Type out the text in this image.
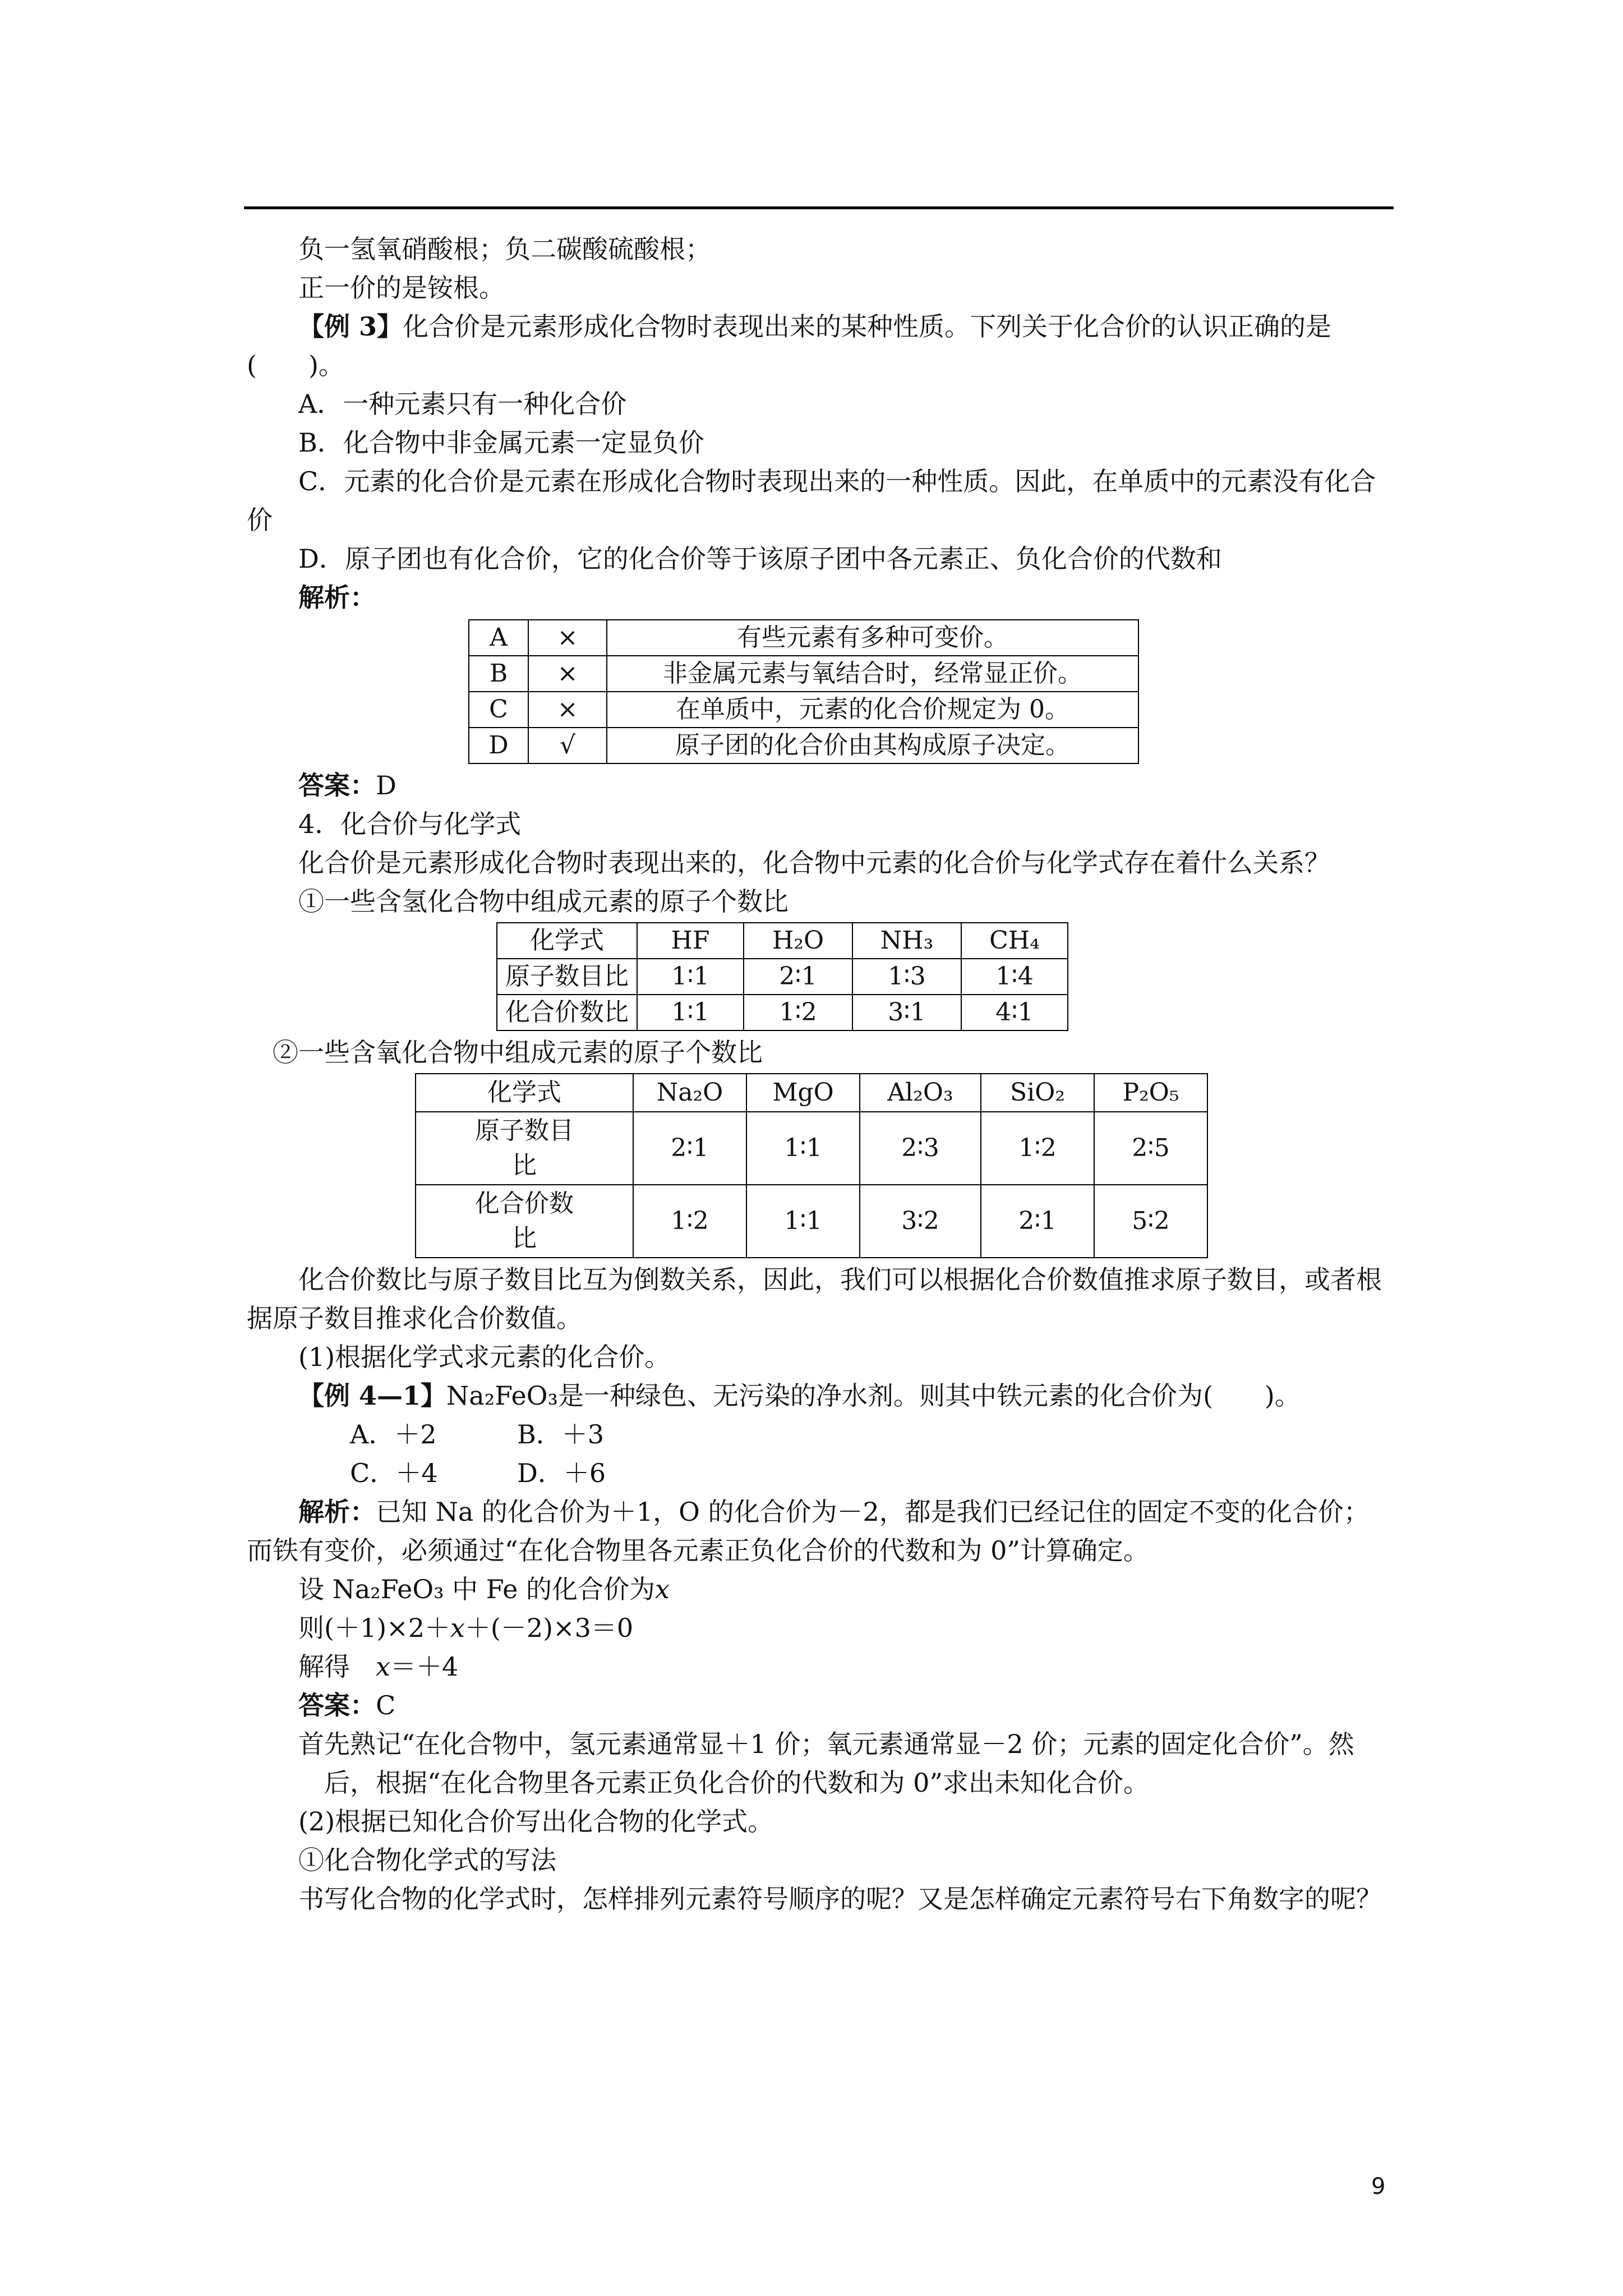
负一氢氧硝酸根；负二碳酸硫酸根；

正一价的是铵根。

【例 3】化合价是元素形成化合物时表现出来的某种性质。下列关于化合价的认识正确的是(　　)。

A．一种元素只有一种化合价

B．化合物中非金属元素一定显负价

C．元素的化合价是元素在形成化合物时表现出来的一种性质。因此，在单质中的元素没有化合价

D．原子团也有化合价，它的化合价等于该原子团中各元素正、负化合价的代数和

解析：

A	×	有些元素有多种可变价。
B	×	非金属元素与氧结合时，经常显正价。
C	×	在单质中，元素的化合价规定为 0。
D	√	原子团的化合价由其构成原子决定。

答案：D

4．化合价与化学式

化合价是元素形成化合物时表现出来的，化合物中元素的化合价与化学式存在着什么关系？

①一些含氢化合物中组成元素的原子个数比

化学式	HF	H₂O	NH₃	CH₄
原子数目比	1∶1	2∶1	1∶3	1∶4
化合价数比	1∶1	1∶2	3∶1	4∶1

②一些含氧化合物中组成元素的原子个数比

化学式	Na₂O	MgO	Al₂O₃	SiO₂	P₂O₅
原子数目比	2∶1	1∶1	2∶3	1∶2	2∶5
化合价数比	1∶2	1∶1	3∶2	2∶1	5∶2

化合价数比与原子数目比互为倒数关系，因此，我们可以根据化合价数值推求原子数目，或者根据原子数目推求化合价数值。

(1)根据化学式求元素的化合价。

【例 4—1】Na₂FeO₃是一种绿色、无污染的净水剂。则其中铁元素的化合价为(　　)。

A．＋2	B．＋3

C．＋4	D．＋6

解析：已知 Na 的化合价为＋1，O 的化合价为－2，都是我们已经记住的固定不变的化合价；而铁有变价，必须通过“在化合物里各元素正负化合价的代数和为 0”计算确定。

设 Na₂FeO₃ 中 Fe 的化合价为x

则(＋1)×2＋x＋(－2)×3＝0

解得　x＝＋4

答案：C

首先熟记“在化合物中，氢元素通常显＋1 价；氧元素通常显－2 价；元素的固定化合价”。然后，根据“在化合物里各元素正负化合价的代数和为 0”求出未知化合价。

(2)根据已知化合价写出化合物的化学式。

①化合物化学式的写法

书写化合物的化学式时，怎样排列元素符号顺序的呢？又是怎样确定元素符号右下角数字的呢？

9
